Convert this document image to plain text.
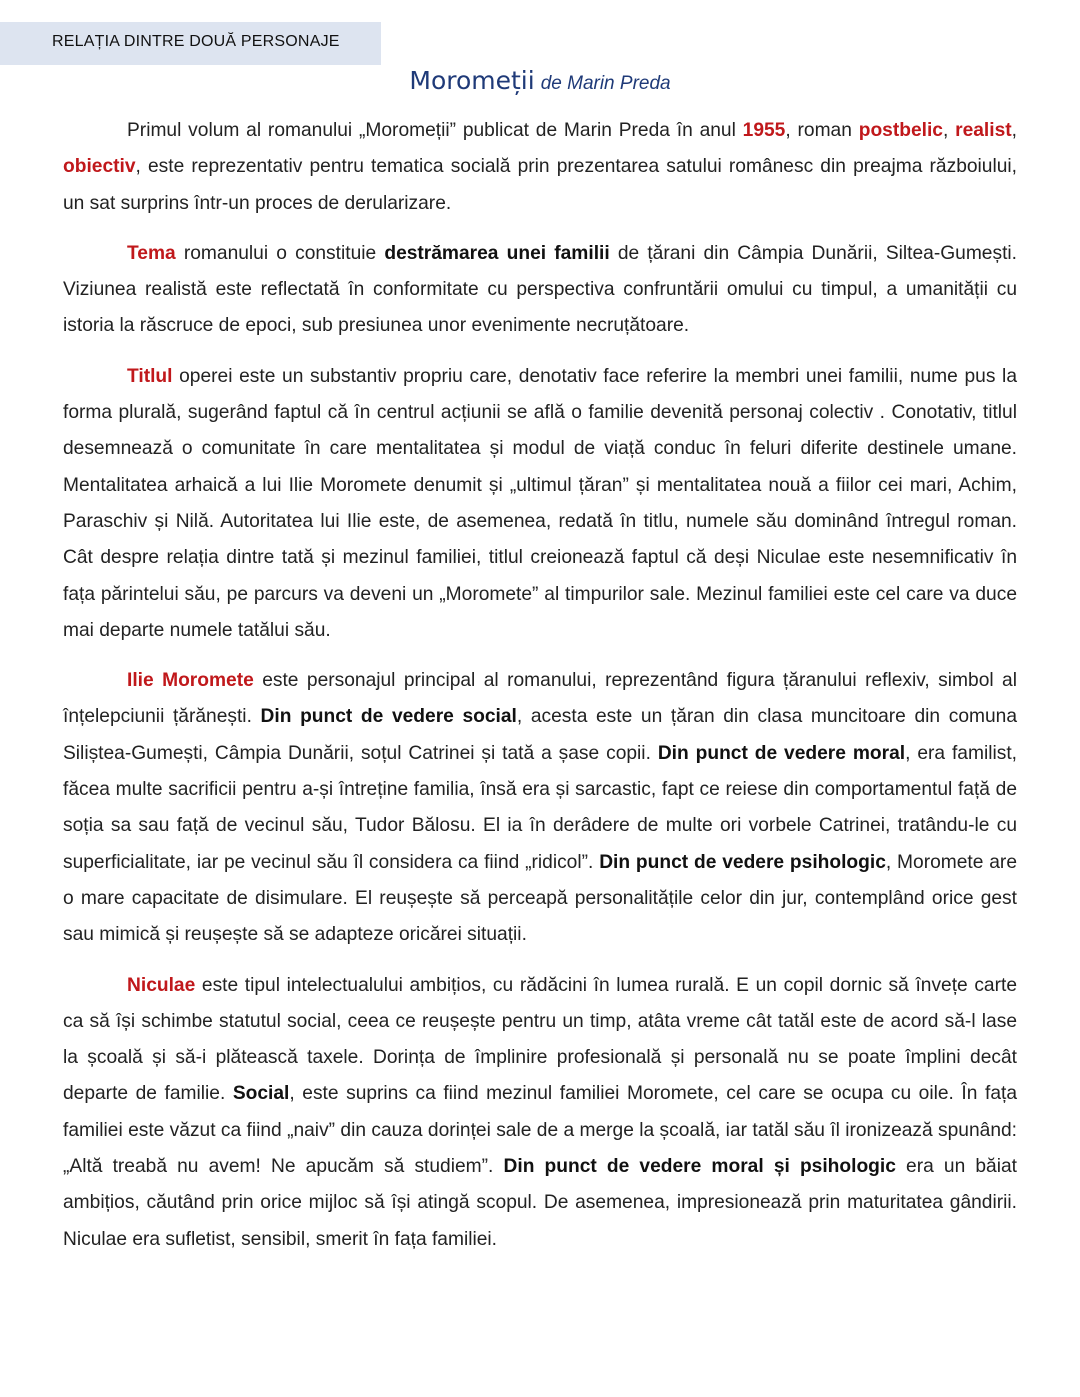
RELAȚIA DINTRE DOUĂ PERSONAJE
Moromeții de Marin Preda

Primul volum al romanului „Moromeții” publicat de Marin Preda în anul 1955, roman postbelic, realist, obiectiv, este reprezentativ pentru tematica socială prin prezentarea satului românesc din preajma războiului, un sat surprins într-un proces de derularizare.

Tema romanului o constituie destrămarea unei familii de țărani din Câmpia Dunării, Siltea-Gumești. Viziunea realistă este reflectată în conformitate cu perspectiva confruntării omului cu timpul, a umanității cu istoria la răscruce de epoci, sub presiunea unor evenimente necruțătoare.

Titlul operei este un substantiv propriu care, denotativ face referire la membri unei familii, nume pus la forma plurală, sugerând faptul că în centrul acțiunii se află o familie devenită personaj colectiv . Conotativ, titlul desemnează o comunitate în care mentalitatea și modul de viață conduc în feluri diferite destinele umane. Mentalitatea arhaică a lui Ilie Moromete denumit și „ultimul țăran” și mentalitatea nouă a fiilor cei mari, Achim, Paraschiv și Nilă. Autoritatea lui Ilie este, de asemenea, redată în titlu, numele său dominând întregul roman. Cât despre relația dintre tată și mezinul familiei, titlul creionează faptul că deși Niculae este nesemnificativ în fața părintelui său, pe parcurs va deveni un „Moromete” al timpurilor sale. Mezinul familiei este cel care va duce mai departe numele tatălui său.

Ilie Moromete este personajul principal al romanului, reprezentând figura țăranului reflexiv, simbol al înțelepciunii țărănești. Din punct de vedere social, acesta este un țăran din clasa muncitoare din comuna Siliștea-Gumești, Câmpia Dunării, soțul Catrinei și tată a șase copii. Din punct de vedere moral, era familist, făcea multe sacrificii pentru a-și întreține familia, însă era și sarcastic, fapt ce reiese din comportamentul față de soția sa sau față de vecinul său, Tudor Bălosu. El ia în derâdere de multe ori vorbele Catrinei, tratându-le cu superficialitate, iar pe vecinul său îl considera ca fiind „ridicol”. Din punct de vedere psihologic, Moromete are o mare capacitate de disimulare. El reușește să perceapă personalitățile celor din jur, contemplând orice gest sau mimică și reușește să se adapteze oricărei situații.

Niculae este tipul intelectualului ambițios, cu rădăcini în lumea rurală. E un copil dornic să învețe carte ca să își schimbe statutul social, ceea ce reușește pentru un timp, atâta vreme cât tatăl este de acord să-l lase la școală și să-i plătească taxele. Dorința de împlinire profesională și personală nu se poate împlini decât departe de familie. Social, este suprins ca fiind mezinul familiei Moromete, cel care se ocupa cu oile. În fața familiei este văzut ca fiind „naiv” din cauza dorinței sale de a merge la școală, iar tatăl său îl ironizează spunând: „Altă treabă nu avem! Ne apucăm să studiem”. Din punct de vedere moral și psihologic era un băiat ambițios, căutând prin orice mijloc să își atingă scopul. De asemenea, impresionează prin maturitatea gândirii. Niculae era sufletist, sensibil, smerit în fața familiei.
